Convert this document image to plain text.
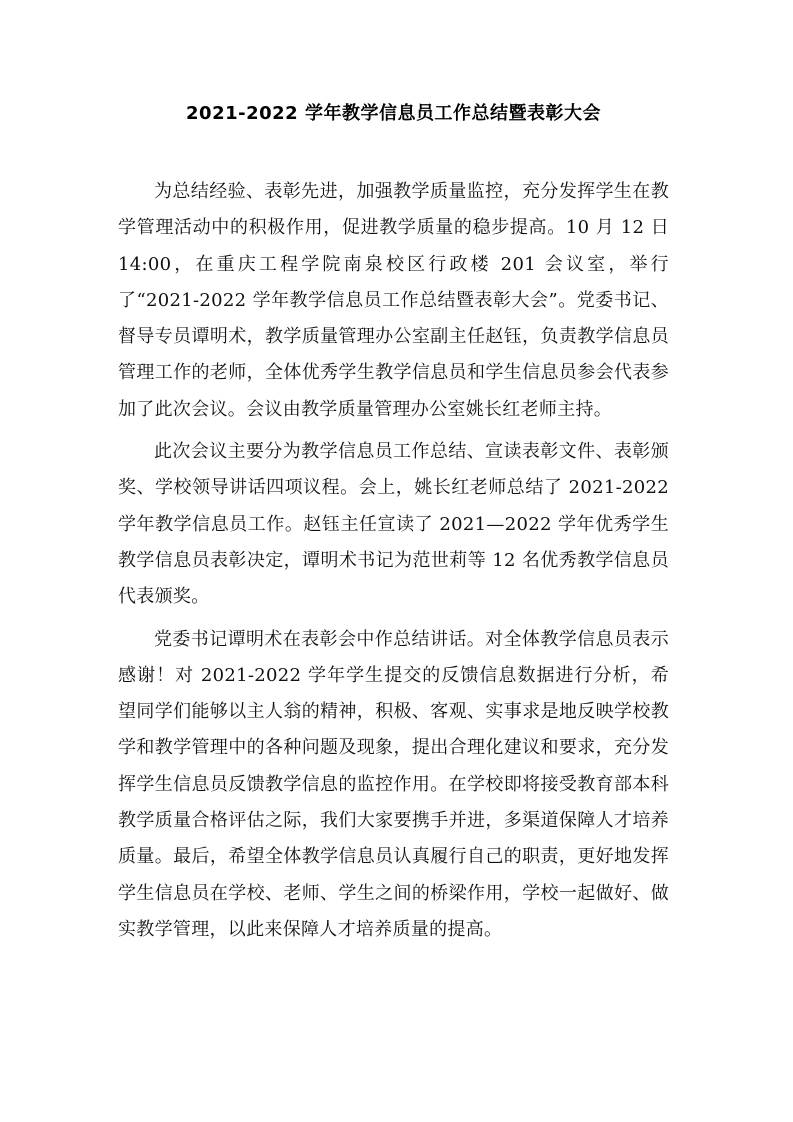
2021-2022 学年教学信息员工作总结暨表彰大会

为总结经验、表彰先进，加强教学质量监控，充分发挥学生在教学管理活动中的积极作用，促进教学质量的稳步提高。10 月 12 日14:00，在重庆工程学院南泉校区行政楼 201 会议室，举行了“2021-2022 学年教学信息员工作总结暨表彰大会”。党委书记、督导专员谭明术，教学质量管理办公室副主任赵钰，负责教学信息员管理工作的老师，全体优秀学生教学信息员和学生信息员参会代表参加了此次会议。会议由教学质量管理办公室姚长红老师主持。

此次会议主要分为教学信息员工作总结、宣读表彰文件、表彰颁奖、学校领导讲话四项议程。会上，姚长红老师总结了 2021-2022 学年教学信息员工作。赵钰主任宣读了 2021—2022 学年优秀学生教学信息员表彰决定，谭明术书记为范世莉等 12 名优秀教学信息员代表颁奖。

党委书记谭明术在表彰会中作总结讲话。对全体教学信息员表示感谢！对 2021-2022 学年学生提交的反馈信息数据进行分析，希望同学们能够以主人翁的精神，积极、客观、实事求是地反映学校教学和教学管理中的各种问题及现象，提出合理化建议和要求，充分发挥学生信息员反馈教学信息的监控作用。在学校即将接受教育部本科教学质量合格评估之际，我们大家要携手并进，多渠道保障人才培养质量。最后，希望全体教学信息员认真履行自己的职责，更好地发挥学生信息员在学校、老师、学生之间的桥梁作用，学校一起做好、做实教学管理，以此来保障人才培养质量的提高。
